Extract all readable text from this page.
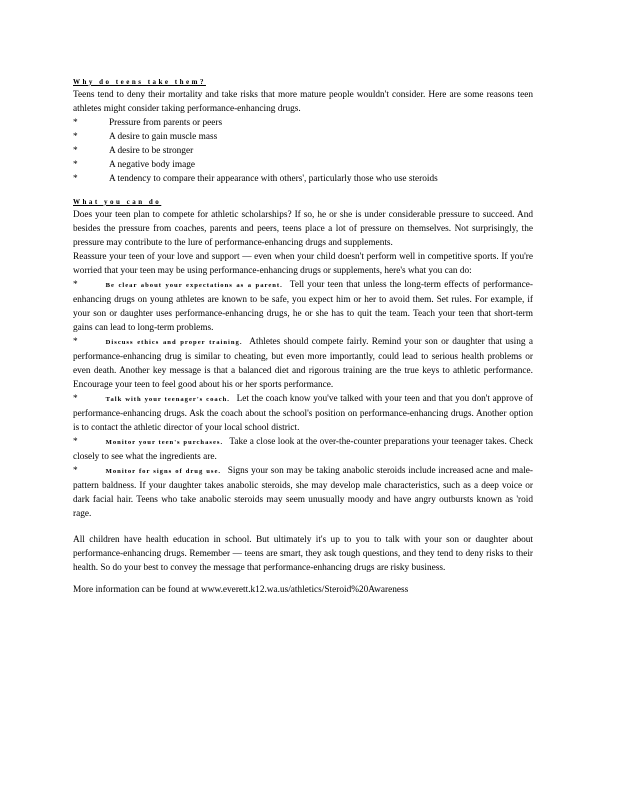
Why do teens take them?

Teens tend to deny their mortality and take risks that more mature people wouldn't consider. Here are some reasons teen athletes might consider taking performance-enhancing drugs.

*	Pressure from parents or peers
*	A desire to gain muscle mass
*	A desire to be stronger
*	A negative body image
*	A tendency to compare their appearance with others', particularly those who use steroids
What you can do

Does your teen plan to compete for athletic scholarships? If so, he or she is under considerable pressure to succeed. And besides the pressure from coaches, parents and peers, teens place a lot of pressure on themselves. Not surprisingly, the pressure may contribute to the lure of performance-enhancing drugs and supplements.

Reassure your teen of your love and support — even when your child doesn't perform well in competitive sports. If you're worried that your teen may be using performance-enhancing drugs or supplements, here's what you can do:

*	Be clear about your expectations as a parent. Tell your teen that unless the long-term effects of performance-enhancing drugs on young athletes are known to be safe, you expect him or her to avoid them. Set rules. For example, if your son or daughter uses performance-enhancing drugs, he or she has to quit the team. Teach your teen that short-term gains can lead to long-term problems.

*	Discuss ethics and proper training. Athletes should compete fairly. Remind your son or daughter that using a performance-enhancing drug is similar to cheating, but even more importantly, could lead to serious health problems or even death. Another key message is that a balanced diet and rigorous training are the true keys to athletic performance. Encourage your teen to feel good about his or her sports performance.

*	Talk with your teenager's coach. Let the coach know you've talked with your teen and that you don't approve of performance-enhancing drugs. Ask the coach about the school's position on performance-enhancing drugs. Another option is to contact the athletic director of your local school district.

*	Monitor your teen's purchases. Take a close look at the over-the-counter preparations your teenager takes. Check closely to see what the ingredients are.

*	Monitor for signs of drug use. Signs your son may be taking anabolic steroids include increased acne and male-pattern baldness. If your daughter takes anabolic steroids, she may develop male characteristics, such as a deep voice or dark facial hair. Teens who take anabolic steroids may seem unusually moody and have angry outbursts known as 'roid rage.

All children have health education in school. But ultimately it's up to you to talk with your son or daughter about performance-enhancing drugs. Remember — teens are smart, they ask tough questions, and they tend to deny risks to their health. So do your best to convey the message that performance-enhancing drugs are risky business.

More information can be found at www.everett.k12.wa.us/athletics/Steroid%20Awareness
